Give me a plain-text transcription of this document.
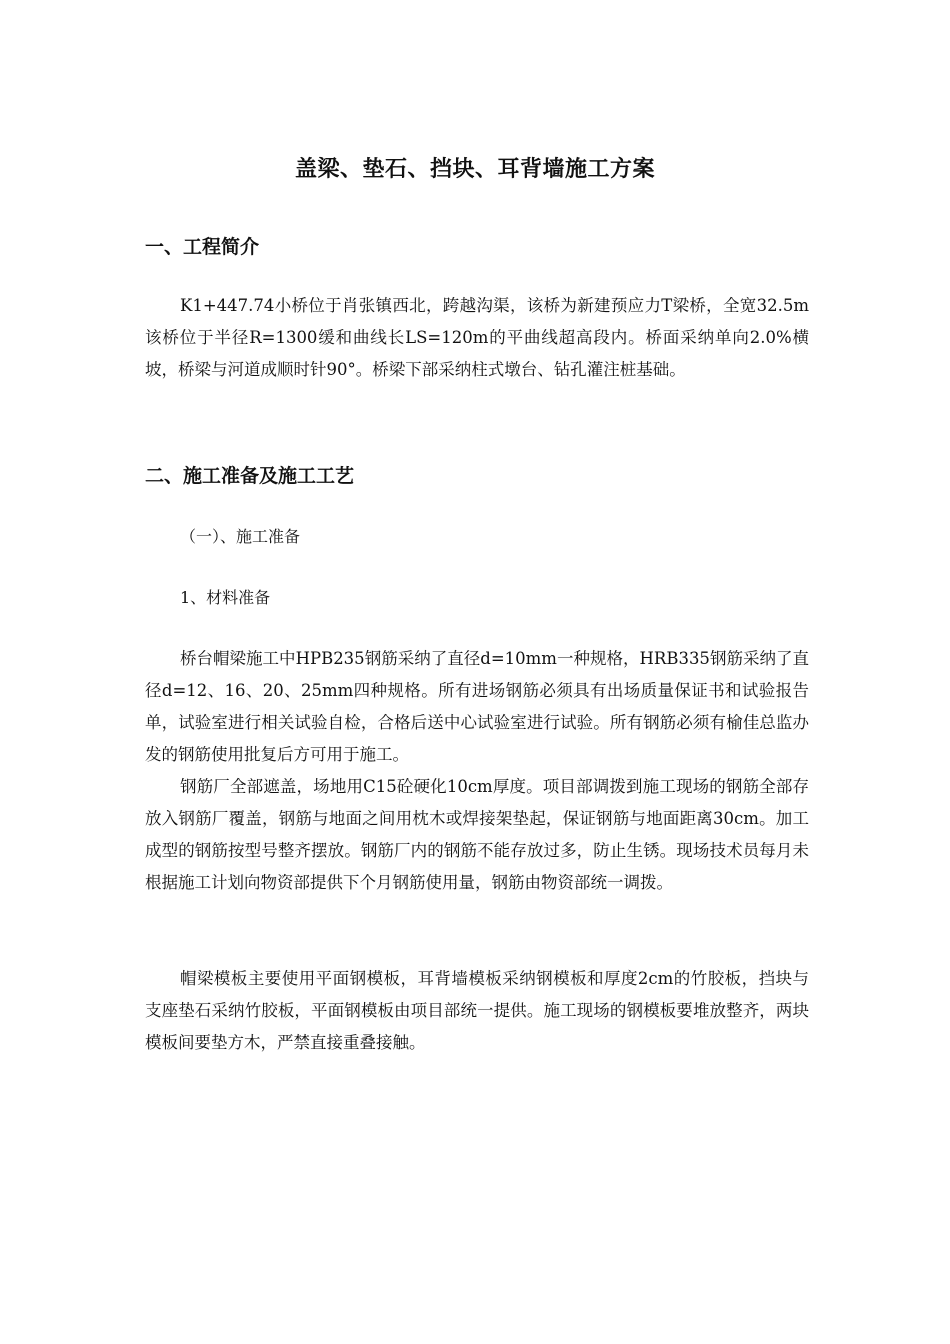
盖梁、垫石、挡块、耳背墙施工方案
一、工程简介
K1+447.74小桥位于肖张镇西北，跨越沟渠，该桥为新建预应力T梁桥，全宽32.5m该桥位于半径R=1300缓和曲线长LS=120m的平曲线超高段内。桥面采纳单向2.0%横坡，桥梁与河道成顺时针90°。桥梁下部采纳柱式墩台、钻孔灌注桩基础。
二、施工准备及施工工艺
（一）、施工准备
1、材料准备
桥台帽梁施工中HPB235钢筋采纳了直径d=10mm一种规格，HRB335钢筋采纳了直径d=12、16、20、25mm四种规格。所有进场钢筋必须具有出场质量保证书和试验报告单，试验室进行相关试验自检，合格后送中心试验室进行试验。所有钢筋必须有榆佳总监办发的钢筋使用批复后方可用于施工。
钢筋厂全部遮盖，场地用C15砼硬化10cm厚度。项目部调拨到施工现场的钢筋全部存放入钢筋厂覆盖，钢筋与地面之间用枕木或焊接架垫起，保证钢筋与地面距离30cm。加工成型的钢筋按型号整齐摆放。钢筋厂内的钢筋不能存放过多，防止生锈。现场技术员每月未根据施工计划向物资部提供下个月钢筋使用量，钢筋由物资部统一调拨。
帽梁模板主要使用平面钢模板，耳背墙模板采纳钢模板和厚度2cm的竹胶板，挡块与支座垫石采纳竹胶板，平面钢模板由项目部统一提供。施工现场的钢模板要堆放整齐，两块模板间要垫方木，严禁直接重叠接触。
